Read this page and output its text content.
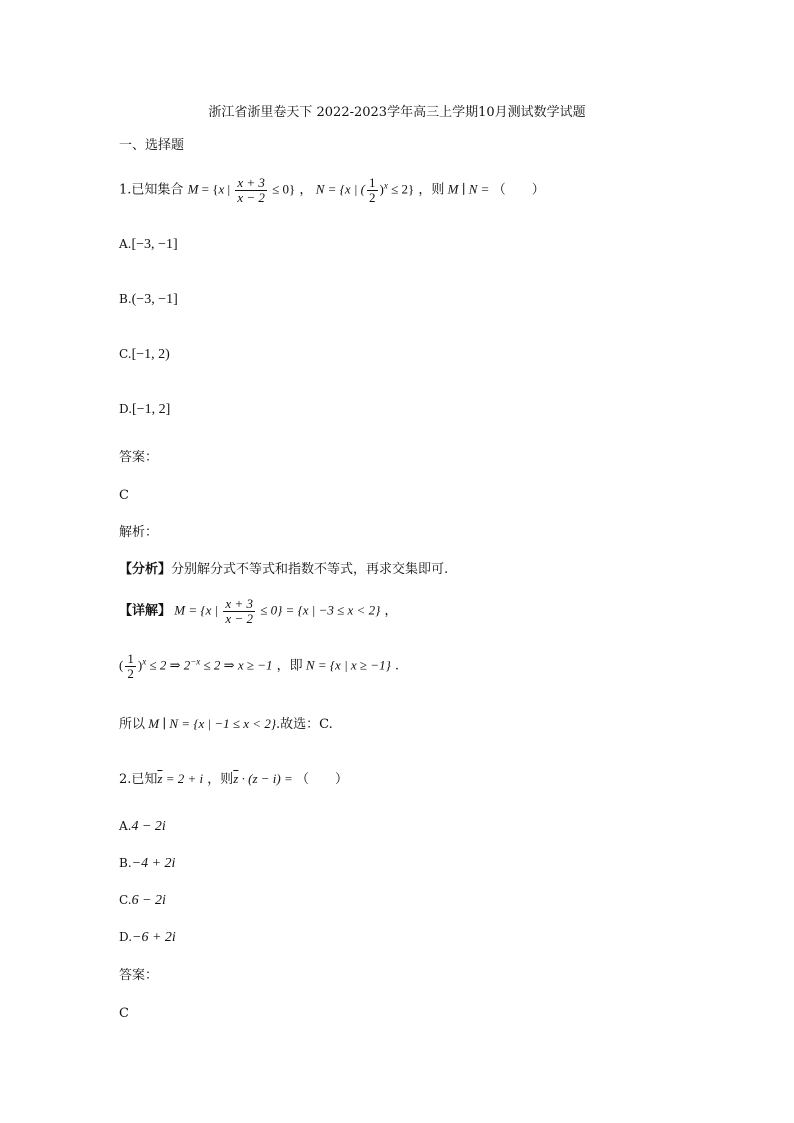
浙江省浙里卷天下 2022-2023学年高三上学期10月测试数学试题
一、选择题
1.已知集合 M = {x | $\frac{x + 3}{x - 2} \le 0$} ， N = {x | ( $\frac{1}{2} )^x \le 2$} ，则 M ∣ N = （　　）
A.[−3, −1]
B.(−3, −1]
C.[−1, 2)
D.[−1, 2]
答案：
C
解析：
【分析】分别解分式不等式和指数不等式，再求交集即可.
【详解】 M = {x | $\frac{x + 3}{x - 2} \le 0\} = \{x$ | −3 ≤ x < 2} ，
( $\frac{1}{2} )^x \le 2$ ⇒ $2^{-x} \le 2$ ⇒ x ≥ −1 ，即 N = {x | x ≥ −1} .
所以 M ∣ N = {x | −1 ≤ x < 2}.故选：C.
2.已知$\overline{z} = 2 + i$ ，则$\overline{z} \cdot (z - i)$ = （　　）
A.4 − 2i
B.−4 + 2i
C.6 − 2i
D.−6 + 2i
答案：
C
